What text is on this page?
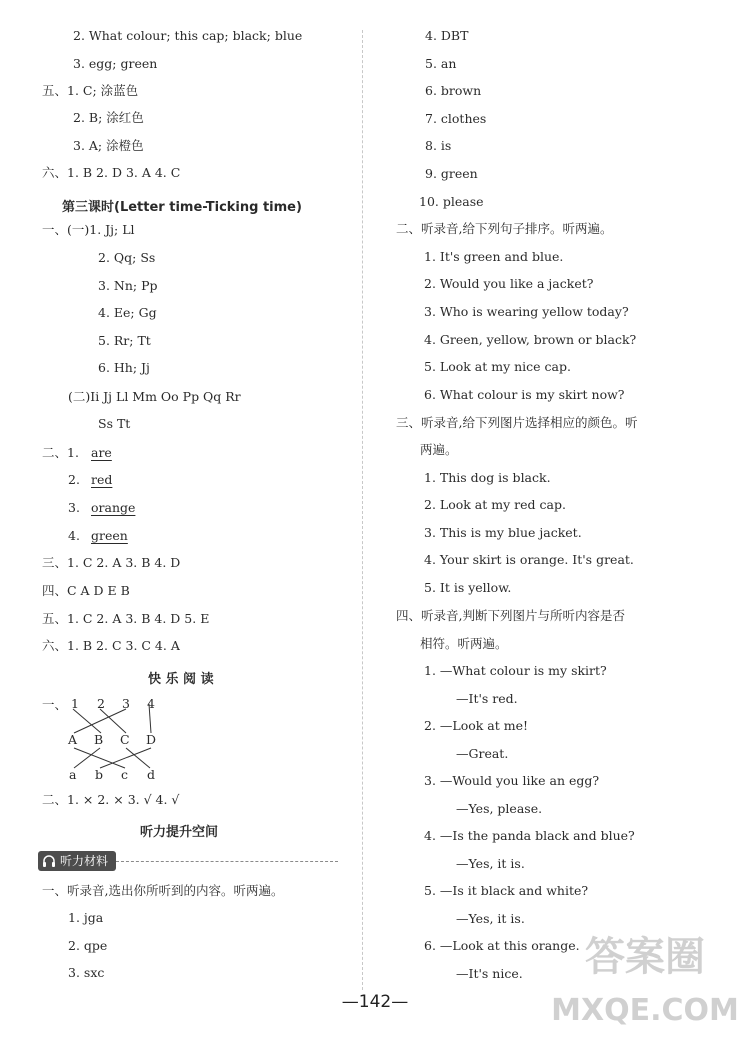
2. What colour; this cap; black; blue
3. egg; green
五、1. C; 涂蓝色
2. B; 涂红色
3. A; 涂橙色
六、1. B 2. D 3. A 4. C
第三课时(Letter time-Ticking time)
一、(一)1. Jj; Ll
2. Qq; Ss
3. Nn; Pp
4. Ee; Gg
5. Rr; Tt
6. Hh; Jj
(二)Ii Jj Ll Mm Oo Pp Qq Rr
Ss Tt
二、1. are
2. red
3. orange
4. green
三、1. C 2. A 3. B 4. D
四、C A D E B
五、1. C 2. A 3. B 4. D 5. E
六、1. B 2. C 3. C 4. A
快 乐 阅 读
一、 1 2 3 4
A B C D
a b c d
二、1. × 2. × 3. √ 4. √
听力提升空间
听力材料
一、听录音,选出你所听到的内容。听两遍。
1. jga
2. qpe
3. sxc
4. DBT
5. an
6. brown
7. clothes
8. is
9. green
10. please
二、听录音,给下列句子排序。听两遍。
1. It's green and blue.
2. Would you like a jacket?
3. Who is wearing yellow today?
4. Green, yellow, brown or black?
5. Look at my nice cap.
6. What colour is my skirt now?
三、听录音,给下列图片选择相应的颜色。听
两遍。
1. This dog is black.
2. Look at my red cap.
3. This is my blue jacket.
4. Your skirt is orange. It's great.
5. It is yellow.
四、听录音,判断下列图片与所听内容是否
相符。听两遍。
1. —What colour is my skirt?
—It's red.
2. —Look at me!
—Great.
3. —Would you like an egg?
—Yes, please.
4. —Is the panda black and blue?
—Yes, it is.
5. —Is it black and white?
—Yes, it is.
6. —Look at this orange.
—It's nice.
—142—
答案圈
MXQE.COM
